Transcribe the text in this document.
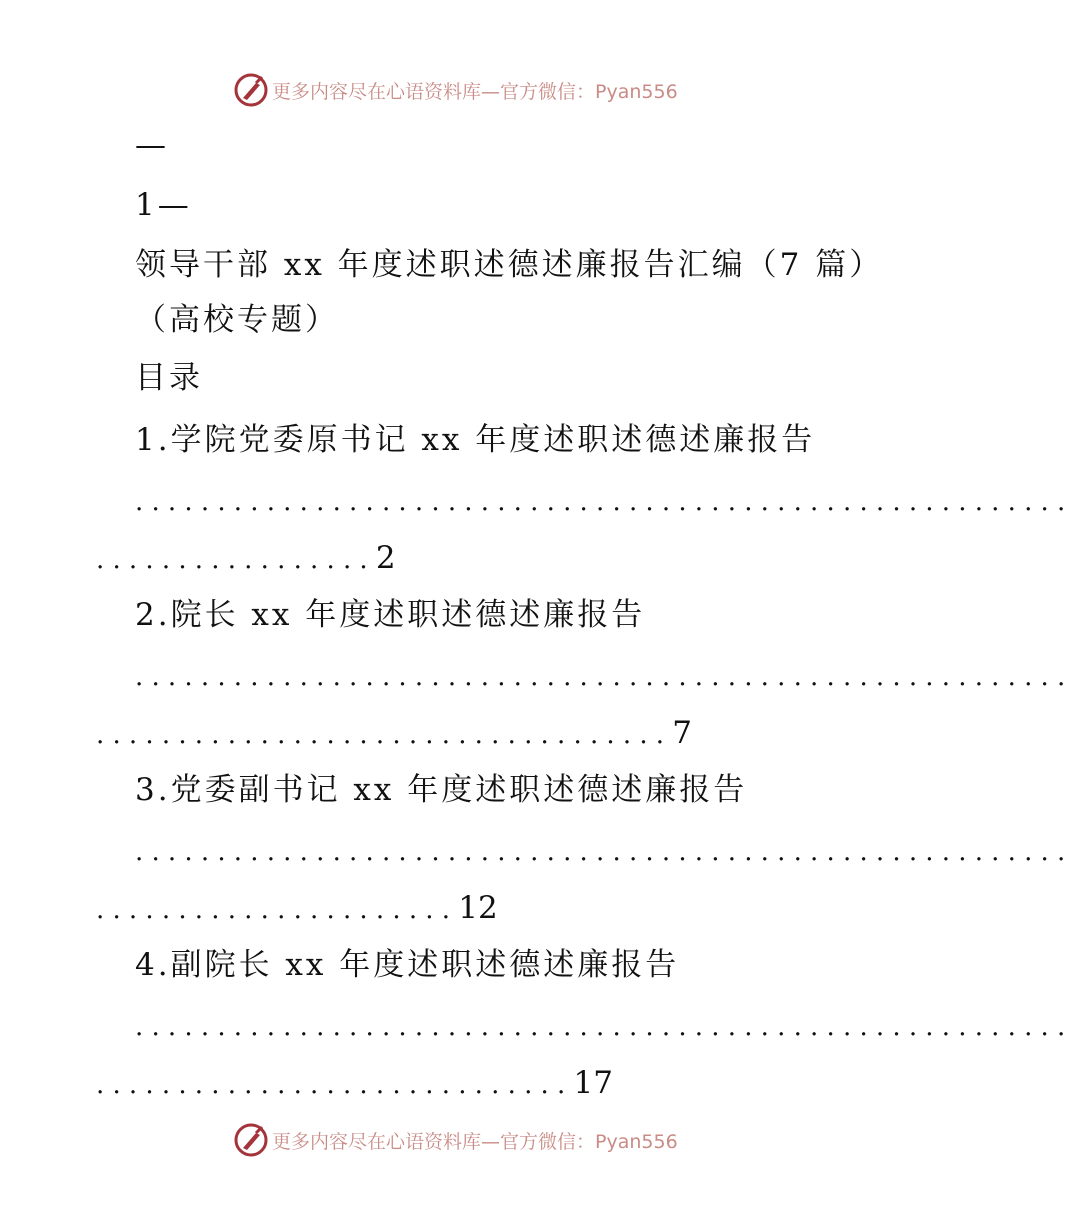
更多内容尽在心语资料库—官方微信：Pyan556
—
1—
领导干部 xx 年度述职述德述廉报告汇编（7 篇）
（高校专题）
目录
1.学院党委原书记 xx 年度述职述德述廉报告
.........................................................
.................2
2.院长 xx 年度述职述德述廉报告
.........................................................
...................................7
3.党委副书记 xx 年度述职述德述廉报告
.........................................................
......................12
4.副院长 xx 年度述职述德述廉报告
.........................................................
.............................17
更多内容尽在心语资料库—官方微信：Pyan556
